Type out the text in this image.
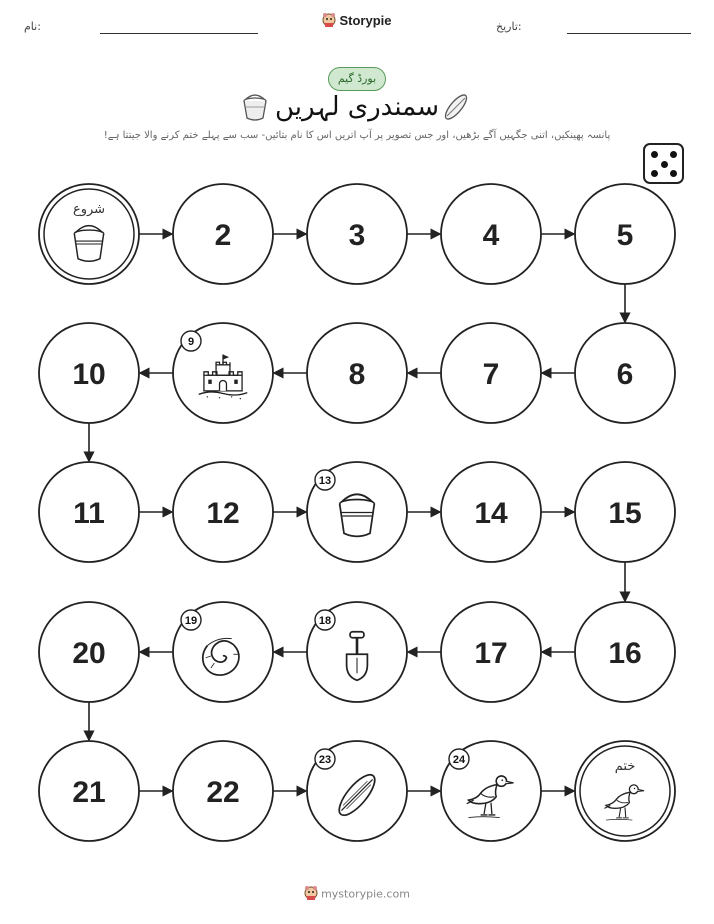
نام:	Storypie	تاریخ:
بورڈ گیم
سمندری لہریں
پانسہ پھینکیں، اتنی جگہیں آگے بڑھیں، اور جس تصویر پر آپ اتریں اس کا نام بتائیں- سب سے پہلے ختم کرنے والا جیتتا ہے!
شروع
2	3	4	5
6
7
8
9
10
11	12
13
14	15
16
17
18
19
20
21	22
23	24	ختم
mystorypie.com
